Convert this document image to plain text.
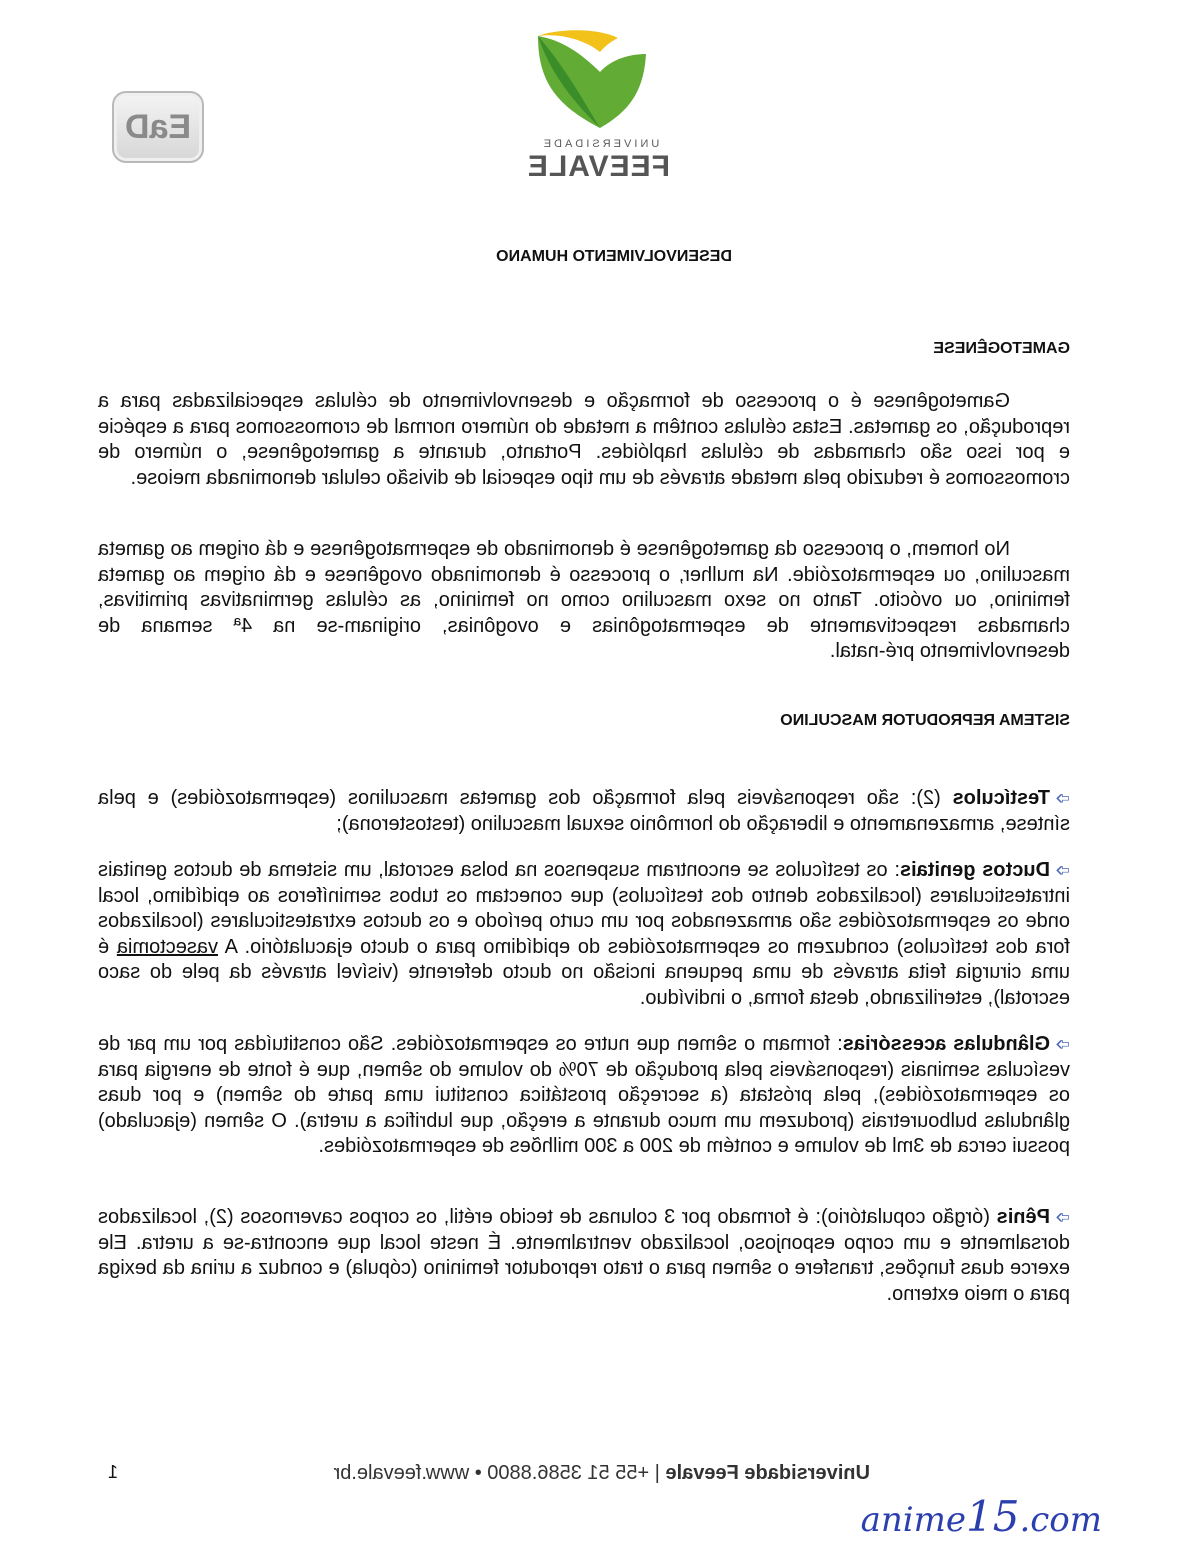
UNIVERSIDADE
FEEVALE
EaD
DESENVOLVIMENTO HUMANO
GAMETOGÊNESE

Gametogênese é o processo de formação e desenvolvimento de células especializadas para a reprodução, os gametas. Estas células contêm a metade do número normal de cromossomos para a espécie e por isso são chamadas de células haplóides. Portanto, durante a gametogênese, o número de cromossomos é reduzido pela metade através de um tipo especial de divisão celular denominada meiose.

No homem, o processo da gametogênese é denominado de espermatogênese e dá origem ao gameta masculino, ou espermatozóide. Na mulher, o processo é denominado ovogênese e dá origem ao gameta feminino, ou ovócito. Tanto no sexo masculino como no feminino, as células germinativas primitivas, chamadas respectivamente de espermatogônias e ovogônias, originam-se na 4ª semana de desenvolvimento pré-natal.

SISTEMA REPRODUTOR MASCULINO

➩Testículos (2): são responsáveis pela formação dos gametas masculinos (espermatozóides) e pela síntese, armazenamento e liberação do hormônio sexual masculino (testosterona);

➩Ductos genitais: os testículos se encontram suspensos na bolsa escrotal, um sistema de ductos genitais intratesticulares (localizados dentro dos testículos) que conectam os tubos seminíferos ao epidídimo, local onde os espermatozóides são armazenados por um curto período e os ductos extratesticulares (localizados fora dos testículos) conduzem os espermatozóides do epidídimo para o ducto ejaculatório. A vasectomia é uma cirurgia feita através de uma pequena incisão no ducto deferente (visível através da pele do saco escrotal), esterilizando, desta forma, o indivíduo.

➩Glândulas acessórias: formam o sêmen que nutre os espermatozóides. São constituídas por um par de vesículas seminais (responsáveis pela produção de 70% do volume do sêmen, que é fonte de energia para os espermatozóides), pela próstata (a secreção prostática constitui uma parte do sêmen) e por duas glândulas bulbouretrais (produzem um muco durante a ereção, que lubrifica a uretra). O sêmen (ejaculado) possui cerca de 3ml de volume e contém de 200 a 300 milhões de espermatozóides.

➩Pênis (órgão copulatório): é formado por 3 colunas de tecido erétil, os corpos cavernosos (2), localizados dorsalmente e um corpo esponjoso, localizado ventralmente. É neste local que encontra-se a uretra. Ele exerce duas funções, transfere o sêmen para o trato reprodutor feminino (cópula) e conduz a urina da bexiga para o meio externo.

Universidade Feevale | +55 51 3586.8800 • www.feevale.br
1
anime15.com
